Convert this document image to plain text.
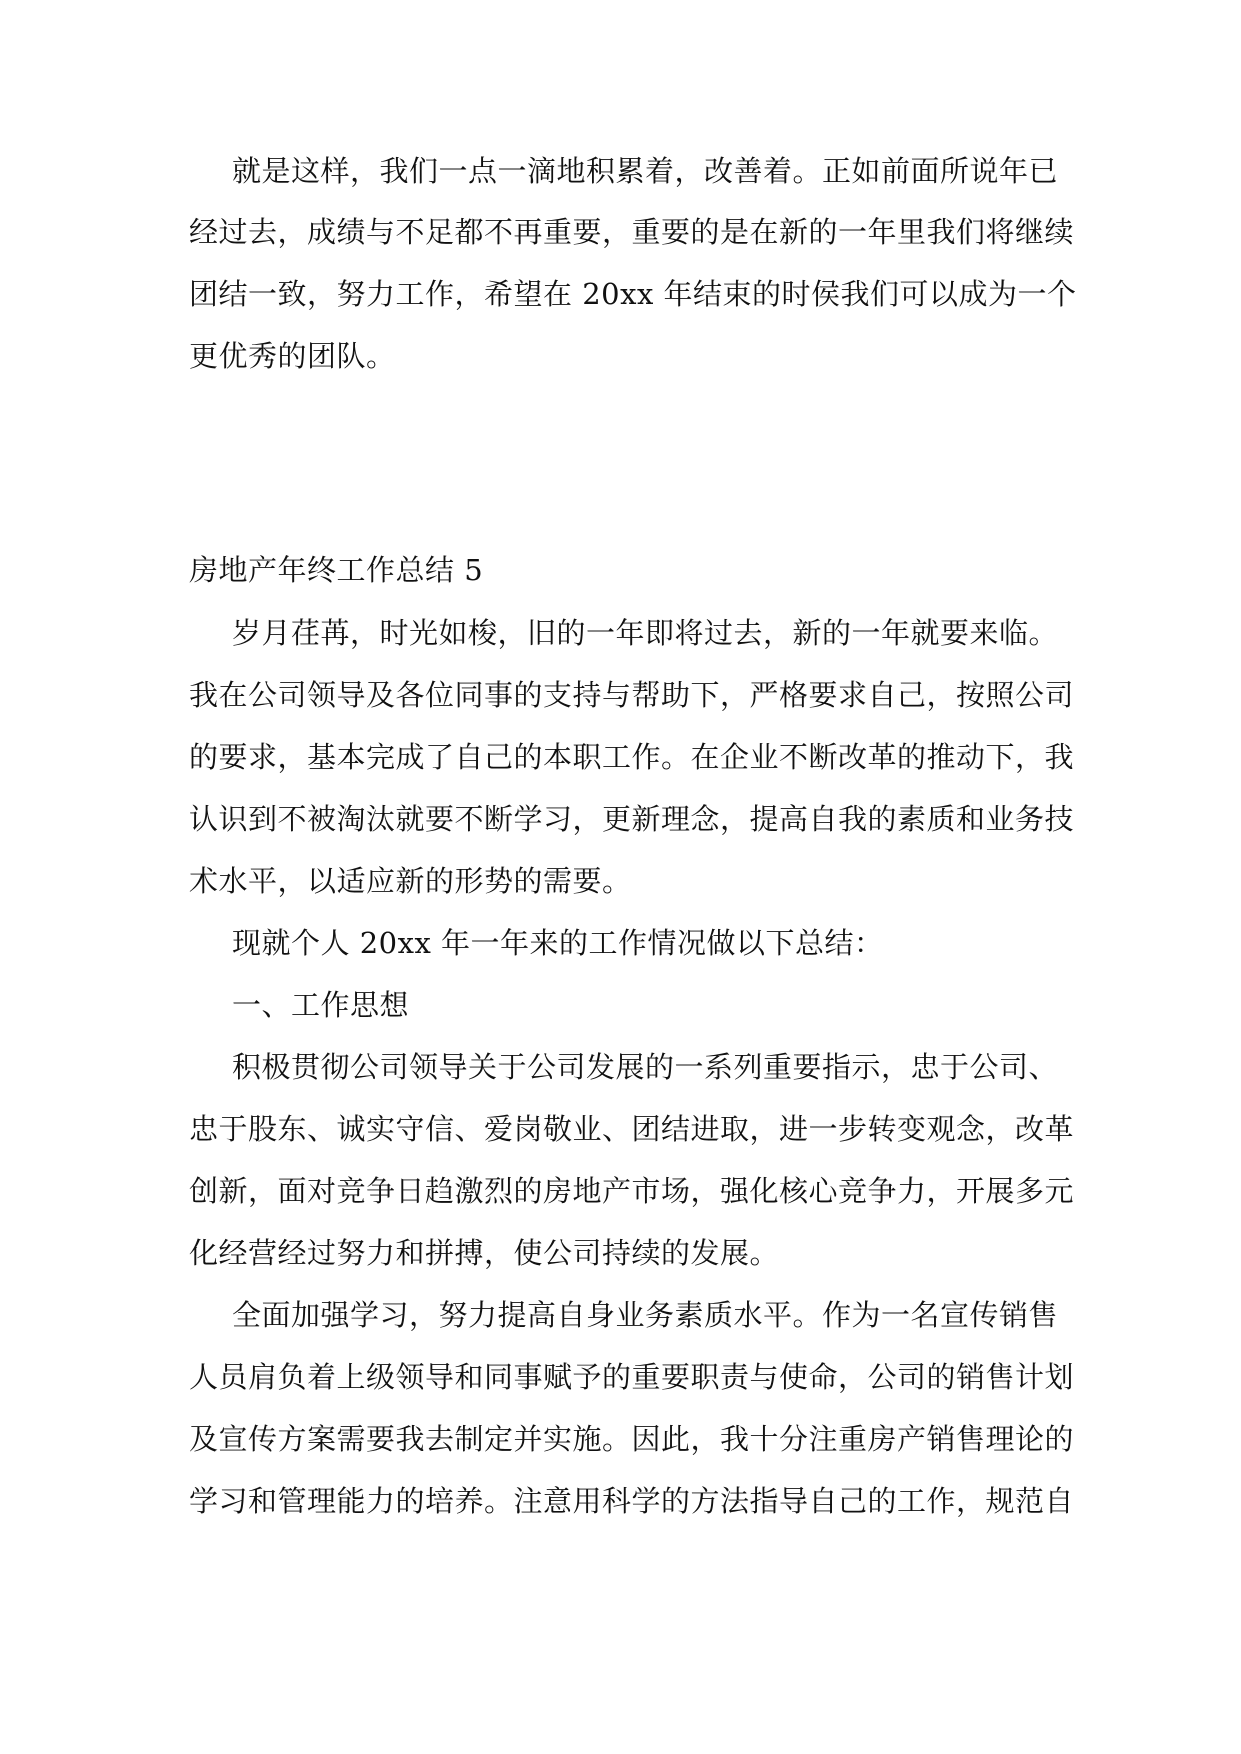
就是这样，我们一点一滴地积累着，改善着。正如前面所说年已
经过去，成绩与不足都不再重要，重要的是在新的一年里我们将继续
团结一致，努力工作，希望在 20xx 年结束的时侯我们可以成为一个
更优秀的团队。
房地产年终工作总结 5
岁月荏苒，时光如梭，旧的一年即将过去，新的一年就要来临。
我在公司领导及各位同事的支持与帮助下，严格要求自己，按照公司
的要求，基本完成了自己的本职工作。在企业不断改革的推动下，我
认识到不被淘汰就要不断学习，更新理念，提高自我的素质和业务技
术水平，以适应新的形势的需要。
现就个人 20xx 年一年来的工作情况做以下总结：
一、工作思想
积极贯彻公司领导关于公司发展的一系列重要指示，忠于公司、
忠于股东、诚实守信、爱岗敬业、团结进取，进一步转变观念，改革
创新，面对竞争日趋激烈的房地产市场，强化核心竞争力，开展多元
化经营经过努力和拼搏，使公司持续的发展。
全面加强学习，努力提高自身业务素质水平。作为一名宣传销售
人员肩负着上级领导和同事赋予的重要职责与使命，公司的销售计划
及宣传方案需要我去制定并实施。因此，我十分注重房产销售理论的
学习和管理能力的培养。注意用科学的方法指导自己的工作，规范自
